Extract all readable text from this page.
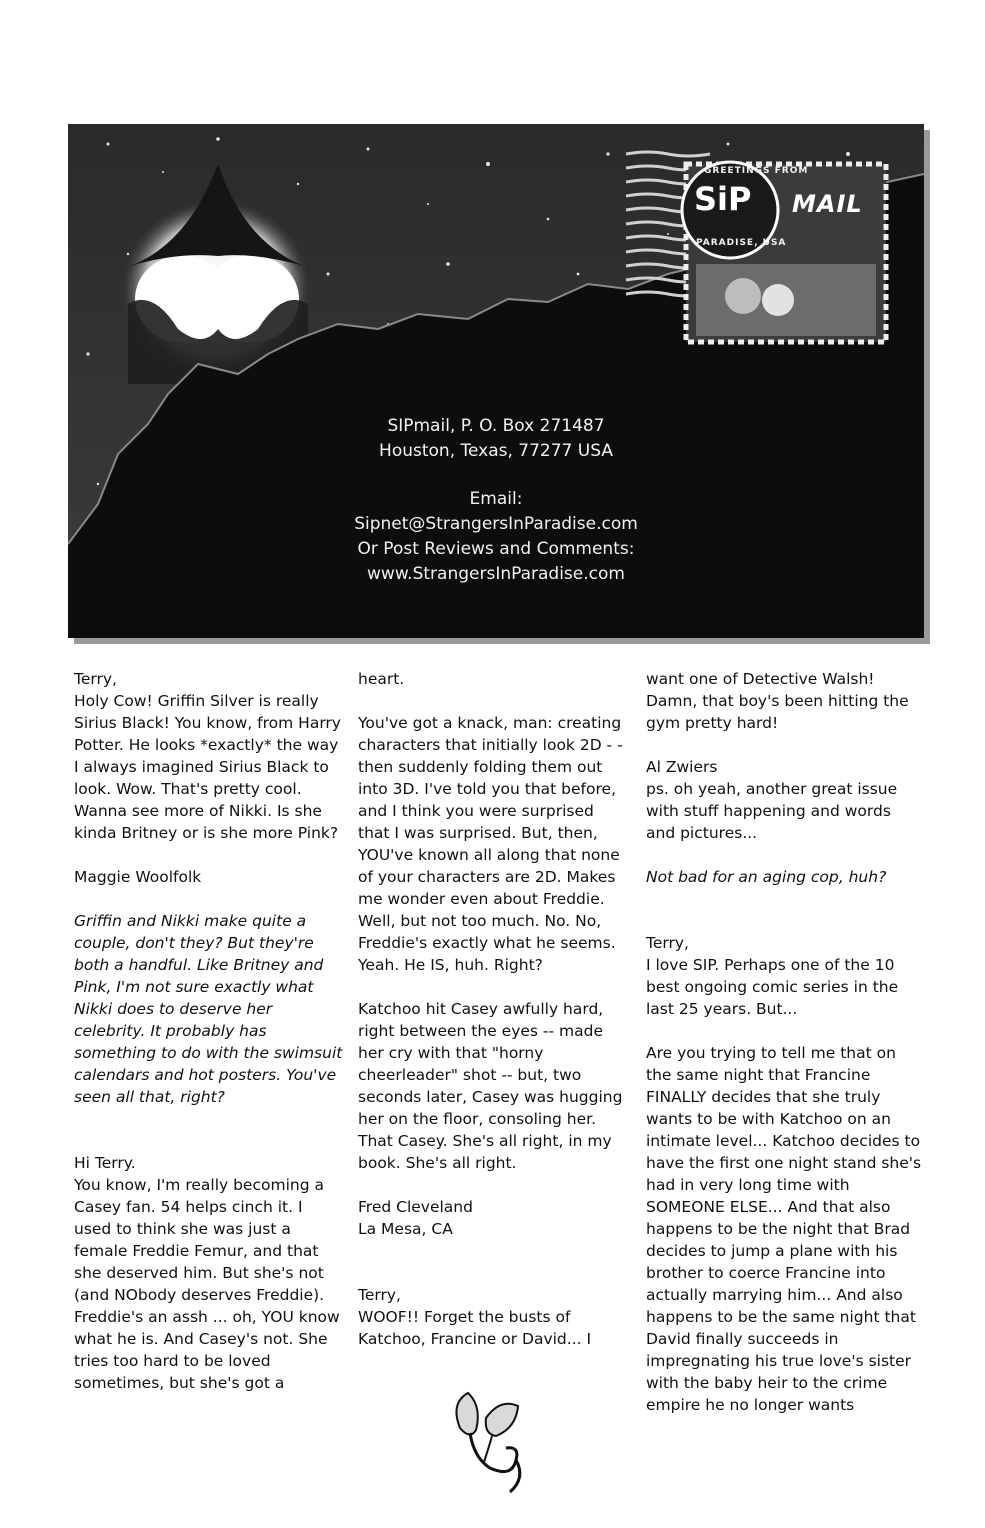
GREETINGS FROM
SiP
PARADISE, USA
MAIL
SIPmail, P. O. Box 271487
Houston, Texas, 77277 USA
Email:
Sipnet@StrangersInParadise.com
Or Post Reviews and Comments:
www.StrangersInParadise.com

Terry,

Holy Cow! Griffin Silver is really Sirius Black! You know, from Harry Potter. He looks *exactly* the way I always imagined Sirius Black to look. Wow. That's pretty cool. Wanna see more of Nikki. Is she kinda Britney or is she more Pink?

Maggie Woolfolk

Griffin and Nikki make quite a couple, don't they? But they're both a handful. Like Britney and Pink, I'm not sure exactly what Nikki does to deserve her celebrity. It probably has something to do with the swimsuit calendars and hot posters. You've seen all that, right?

Hi Terry.

You know, I'm really becoming a Casey fan. 54 helps cinch it. I used to think she was just a female Freddie Femur, and that she deserved him. But she's not (and NObody deserves Freddie). Freddie's an assh ... oh, YOU know what he is. And Casey's not. She tries too hard to be loved sometimes, but she's got a

heart.

You've got a knack, man: creating characters that initially look 2D - - then suddenly folding them out into 3D. I've told you that before, and I think you were surprised that I was surprised. But, then, YOU've known all along that none of your characters are 2D. Makes me wonder even about Freddie. Well, but not too much. No. No, Freddie's exactly what he seems. Yeah. He IS, huh. Right?

Katchoo hit Casey awfully hard, right between the eyes -- made her cry with that "horny cheerleader" shot -- but, two seconds later, Casey was hugging her on the floor, consoling her. That Casey. She's all right, in my book. She's all right.

Fred Cleveland

La Mesa, CA

Terry,

WOOF!! Forget the busts of Katchoo, Francine or David... I

want one of Detective Walsh! Damn, that boy's been hitting the gym pretty hard!

Al Zwiers

ps. oh yeah, another great issue with stuff happening and words and pictures...

Not bad for an aging cop, huh?

Terry,

I love SIP. Perhaps one of the 10 best ongoing comic series in the last 25 years. But...

Are you trying to tell me that on the same night that Francine FINALLY decides that she truly wants to be with Katchoo on an intimate level... Katchoo decides to have the first one night stand she's had in very long time with SOMEONE ELSE... And that also happens to be the night that Brad decides to jump a plane with his brother to coerce Francine into actually marrying him... And also happens to be the same night that David finally succeeds in impregnating his true love's sister with the baby heir to the crime empire he no longer wants
